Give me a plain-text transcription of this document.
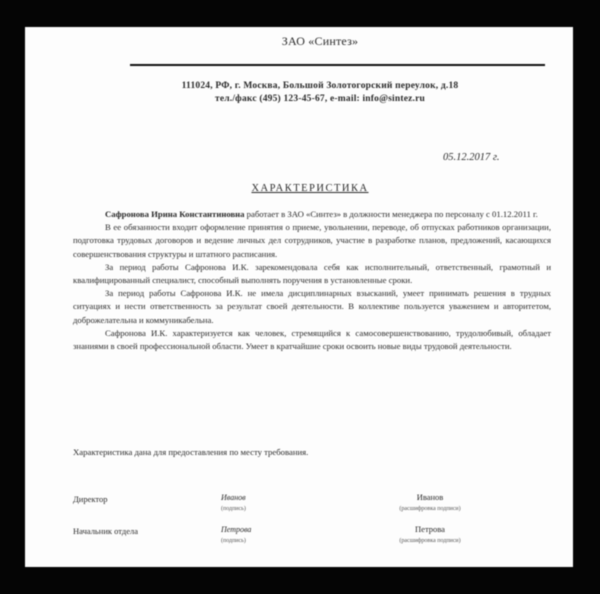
ЗАО «Синтез»
111024, РФ, г. Москва, Большой Золотогорский переулок, д.18
тел./факс (495) 123-45-67, e-mail: info@sintez.ru
05.12.2017 г.
ХАРАКТЕРИСТИКА

Сафронова Ирина Константиновна работает в ЗАО «Синтез» в должности менеджера по персоналу с 01.12.2011 г.

В ее обязанности входит оформление принятия о приеме, увольнении, переводе, об отпусках работников организации, подготовка трудовых договоров и ведение личных дел сотрудников, участие в разработке планов, предложений, касающихся совершенствования структуры и штатного расписания.

За период работы Сафронова И.К. зарекомендовала себя как исполнительный, ответственный, грамотный и квалифицированный специалист, способный выполнять поручения в установленные сроки.

За период работы Сафронова И.К. не имела дисциплинарных взысканий, умеет принимать решения в трудных ситуациях и нести ответственность за результат своей деятельности. В коллективе пользуется уважением и авторитетом, доброжелательна и коммуникабельна.

Сафронова И.К. характеризуется как человек, стремящийся к самосовершенствованию, трудолюбивый, обладает знаниями в своей профессиональной области. Умеет в кратчайшие сроки освоить новые виды трудовой деятельности.

Характеристика дана для предоставления по месту требования.
Директор	Иванов
(подпись)
Иванов
(расшифровка подписи)
Начальник отдела	Петрова
(подпись)
Петрова
(расшифровка подписи)
